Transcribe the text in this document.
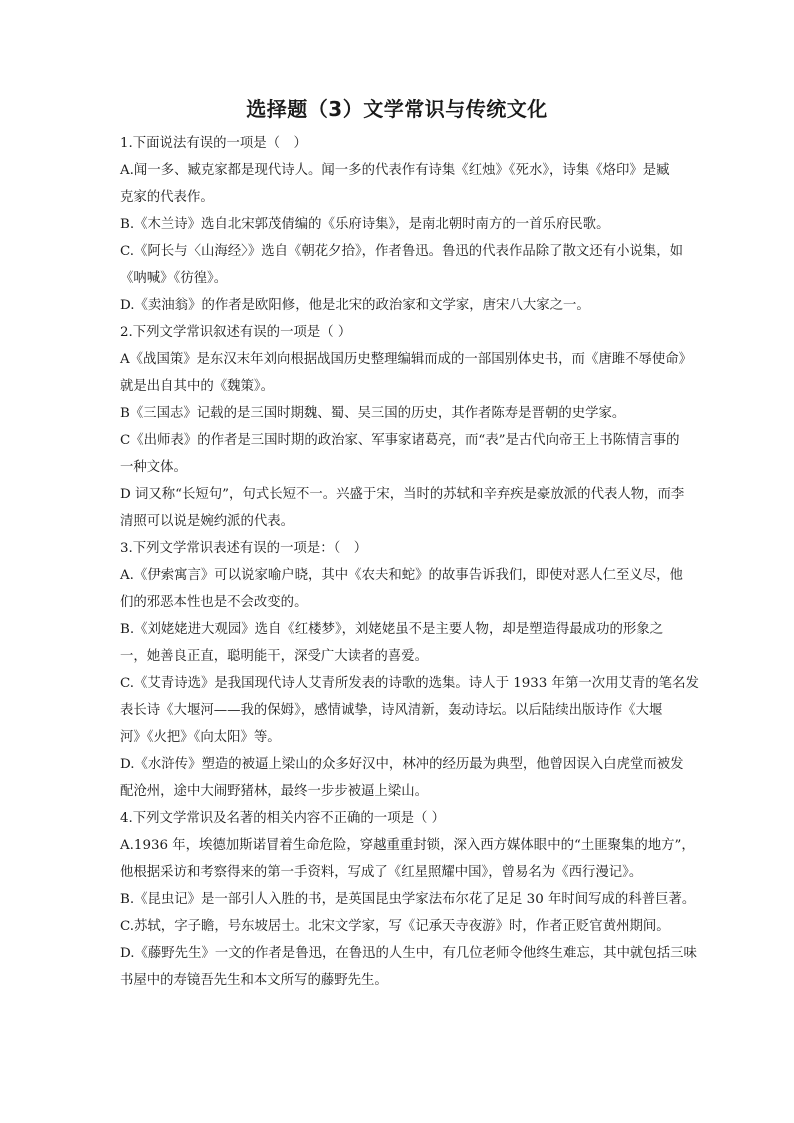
选择题（3）文学常识与传统文化
1.下面说法有误的一项是（　）
A.闻一多、臧克家都是现代诗人。闻一多的代表作有诗集《红烛》《死水》，诗集《烙印》是臧
克家的代表作。
B.《木兰诗》选自北宋郭茂倩编的《乐府诗集》，是南北朝时南方的一首乐府民歌。
C.《阿长与〈山海经〉》选自《朝花夕拾》，作者鲁迅。鲁迅的代表作品除了散文还有小说集，如
《呐喊》《彷徨》。
D.《卖油翁》的作者是欧阳修，他是北宋的政治家和文学家，唐宋八大家之一。
2.下列文学常识叙述有误的一项是（ ）
A《战国策》是东汉末年刘向根据战国历史整理编辑而成的一部国别体史书，而《唐雎不辱使命》
就是出自其中的《魏策》。
B《三国志》记载的是三国时期魏、蜀、吴三国的历史，其作者陈寿是晋朝的史学家。
C《出师表》的作者是三国时期的政治家、军事家诸葛亮，而“表”是古代向帝王上书陈情言事的
一种文体。
D 词又称“长短句”，句式长短不一。兴盛于宋，当时的苏轼和辛弃疾是豪放派的代表人物，而李
清照可以说是婉约派的代表。
3.下列文学常识表述有误的一项是：（　）
A.《伊索寓言》可以说家喻户晓，其中《农夫和蛇》的故事告诉我们，即使对恶人仁至义尽，他
们的邪恶本性也是不会改变的。
B.《刘姥姥进大观园》选自《红楼梦》，刘姥姥虽不是主要人物，却是塑造得最成功的形象之
一，她善良正直，聪明能干，深受广大读者的喜爱。
C.《艾青诗选》是我国现代诗人艾青所发表的诗歌的选集。诗人于 1933 年第一次用艾青的笔名发
表长诗《大堰河——我的保姆》，感情诚挚，诗风清新，轰动诗坛。以后陆续出版诗作《大堰
河》《火把》《向太阳》等。
D.《水浒传》塑造的被逼上梁山的众多好汉中，林冲的经历最为典型，他曾因误入白虎堂而被发
配沧州，途中大闹野猪林，最终一步步被逼上梁山。
4.下列文学常识及名著的相关内容不正确的一项是（ ）
A.1936 年，埃德加斯诺冒着生命危险，穿越重重封锁，深入西方媒体眼中的“土匪聚集的地方”，
他根据采访和考察得来的第一手资料，写成了《红星照耀中国》，曾易名为《西行漫记》。
B.《昆虫记》是一部引人入胜的书，是英国昆虫学家法布尔花了足足 30 年时间写成的科普巨著。
C.苏轼，字子瞻，号东坡居士。北宋文学家，写《记承天寺夜游》时，作者正贬官黄州期间。
D.《藤野先生》一文的作者是鲁迅，在鲁迅的人生中，有几位老师令他终生难忘，其中就包括三味
书屋中的寿镜吾先生和本文所写的藤野先生。
